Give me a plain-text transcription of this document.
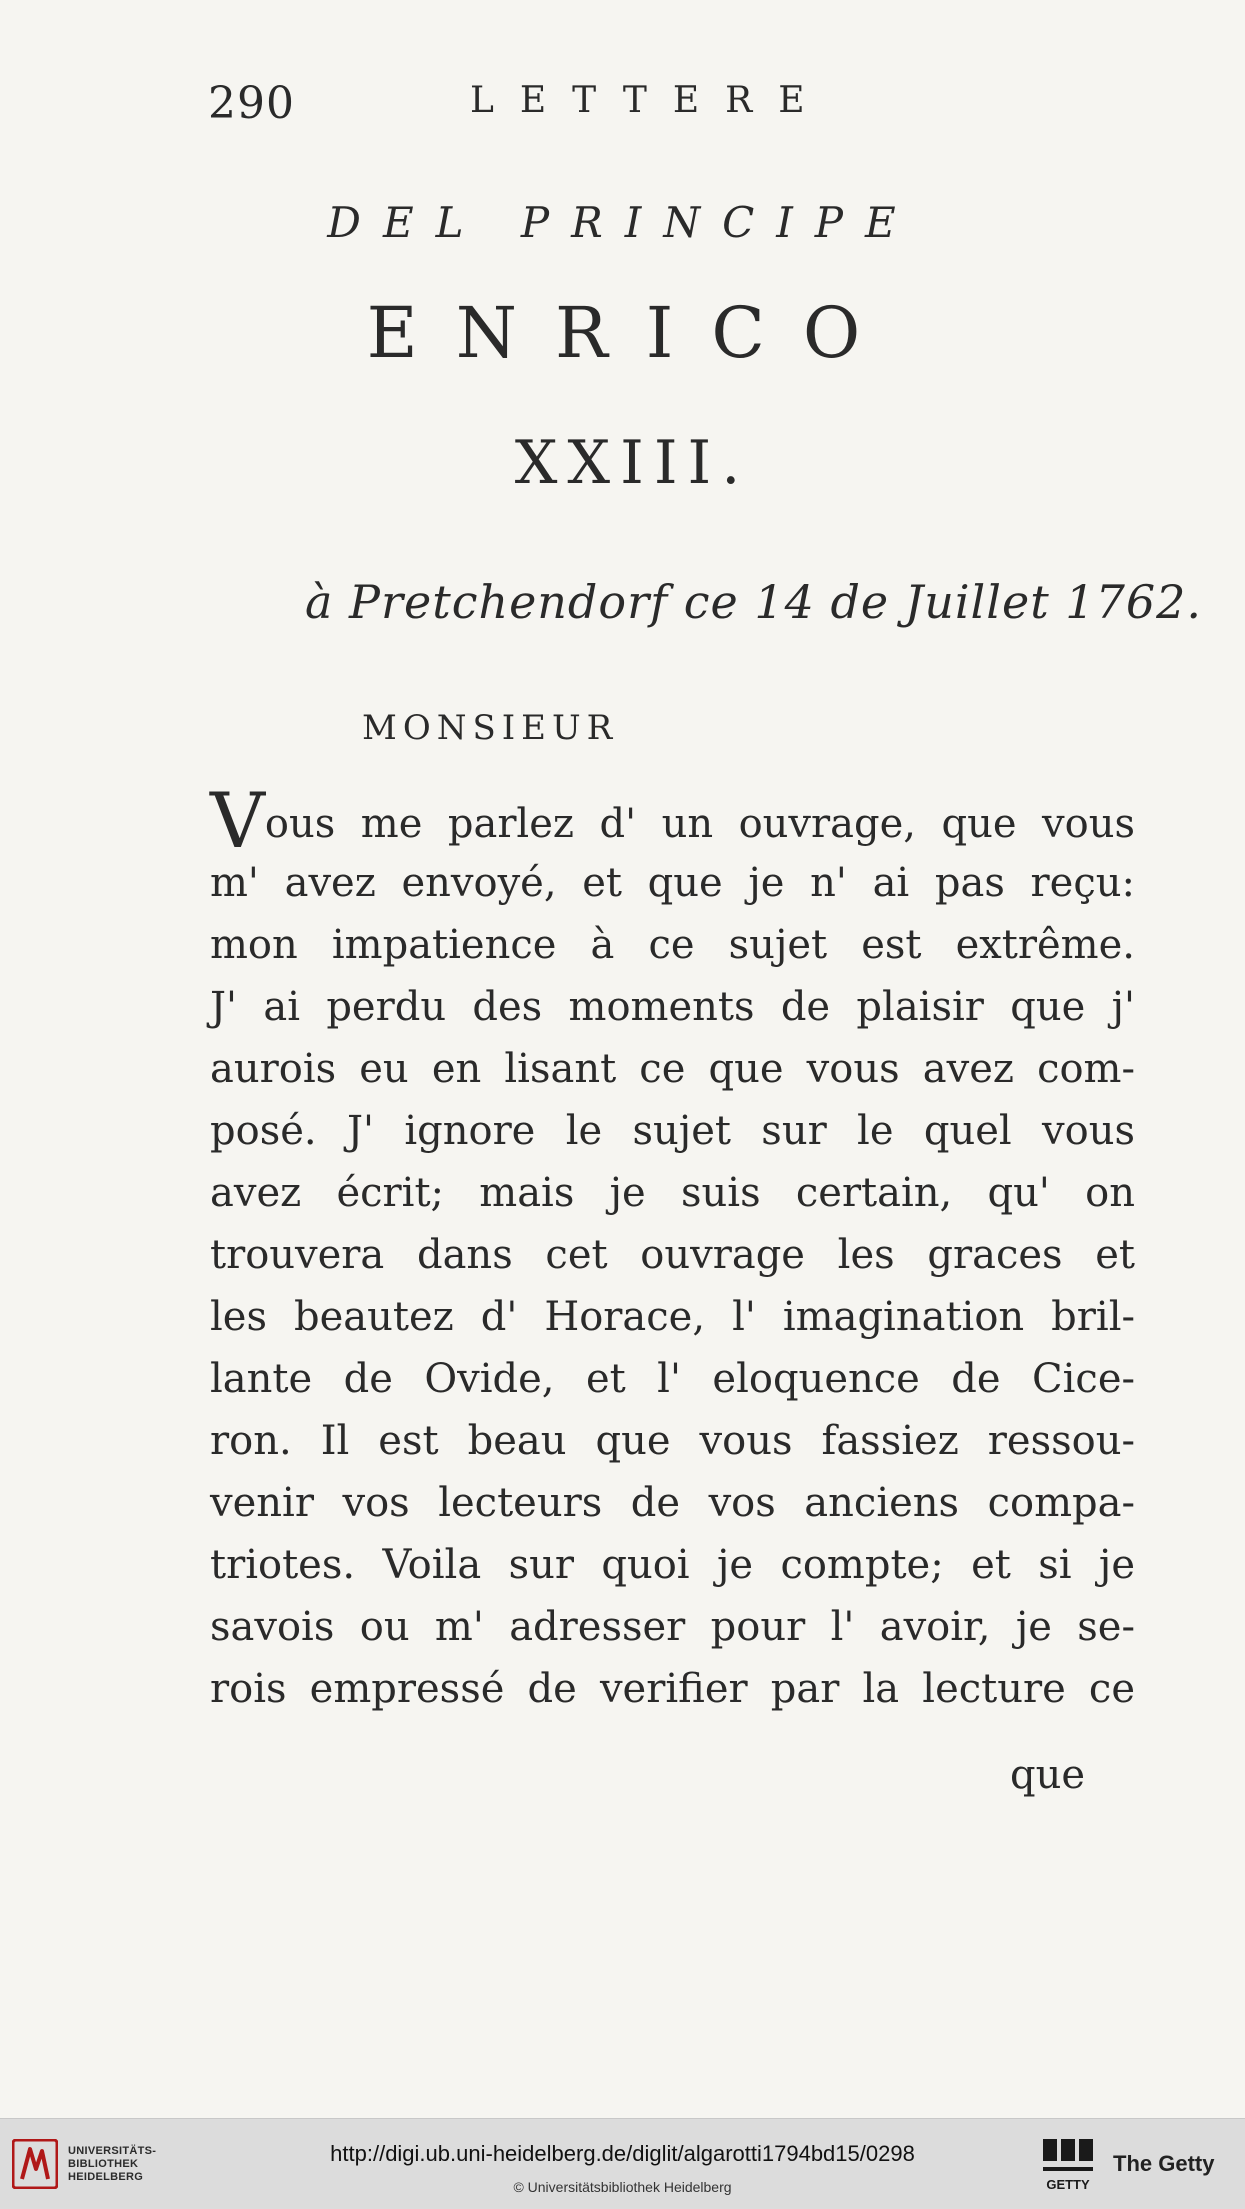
290	LETTERE
DEL PRINCIPE
ENRICO
XXIII.
à Pretchendorf ce 14 de Juillet 1762.
MONSIEUR
Vous me parlez d' un ouvrage, que vous
m' avez envoyé, et que je n' ai pas reçu:
mon impatience à ce sujet est extrême.
J' ai perdu des moments de plaisir que j'
aurois eu en lisant ce que vous avez com-
posé. J' ignore le sujet sur le quel vous
avez écrit; mais je suis certain, qu' on
trouvera dans cet ouvrage les graces et
les beautez d' Horace, l' imagination bril-
lante de Ovide, et l' eloquence de Cice-
ron. Il est beau que vous fassiez ressou-
venir vos lecteurs de vos anciens compa-
triotes. Voila sur quoi je compte; et si je
savois ou m' adresser pour l' avoir, je se-
rois empressé de verifier par la lecture ce
que
UNIVERSITÄTS-
BIBLIOTHEK
HEIDELBERG
http://digi.ub.uni-heidelberg.de/diglit/algarotti1794bd15/0298
© Universitätsbibliothek Heidelberg	GETTY
The Getty
